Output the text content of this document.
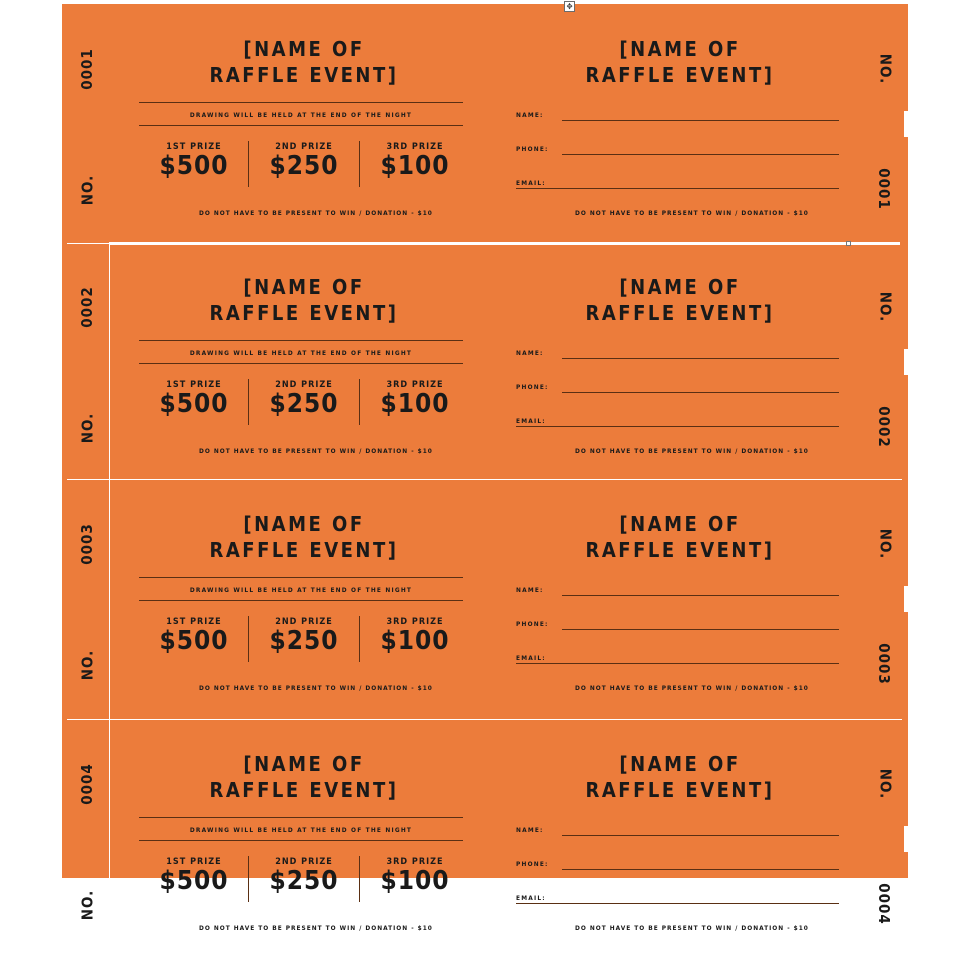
✥
0001
NO.
NO.
0001
[NAME OF
RAFFLE EVENT]
DRAWING WILL BE HELD AT THE END OF THE NIGHT
1ST PRIZE
$500
2ND PRIZE
$250
3RD PRIZE
$100
DO NOT HAVE TO BE PRESENT TO WIN / DONATION - $10
[NAME OF
RAFFLE EVENT]
NAME:
PHONE:
EMAIL:
DO NOT HAVE TO BE PRESENT TO WIN / DONATION - $10
0002
NO.
NO.
0002
[NAME OF
RAFFLE EVENT]
DRAWING WILL BE HELD AT THE END OF THE NIGHT
1ST PRIZE
$500
2ND PRIZE
$250
3RD PRIZE
$100
DO NOT HAVE TO BE PRESENT TO WIN / DONATION - $10
[NAME OF
RAFFLE EVENT]
NAME:
PHONE:
EMAIL:
DO NOT HAVE TO BE PRESENT TO WIN / DONATION - $10
0003
NO.
NO.
0003
[NAME OF
RAFFLE EVENT]
DRAWING WILL BE HELD AT THE END OF THE NIGHT
1ST PRIZE
$500
2ND PRIZE
$250
3RD PRIZE
$100
DO NOT HAVE TO BE PRESENT TO WIN / DONATION - $10
[NAME OF
RAFFLE EVENT]
NAME:
PHONE:
EMAIL:
DO NOT HAVE TO BE PRESENT TO WIN / DONATION - $10
0004
NO.
NO.
0004
[NAME OF
RAFFLE EVENT]
DRAWING WILL BE HELD AT THE END OF THE NIGHT
1ST PRIZE
$500
2ND PRIZE
$250
3RD PRIZE
$100
DO NOT HAVE TO BE PRESENT TO WIN / DONATION - $10
[NAME OF
RAFFLE EVENT]
NAME:
PHONE:
EMAIL:
DO NOT HAVE TO BE PRESENT TO WIN / DONATION - $10
